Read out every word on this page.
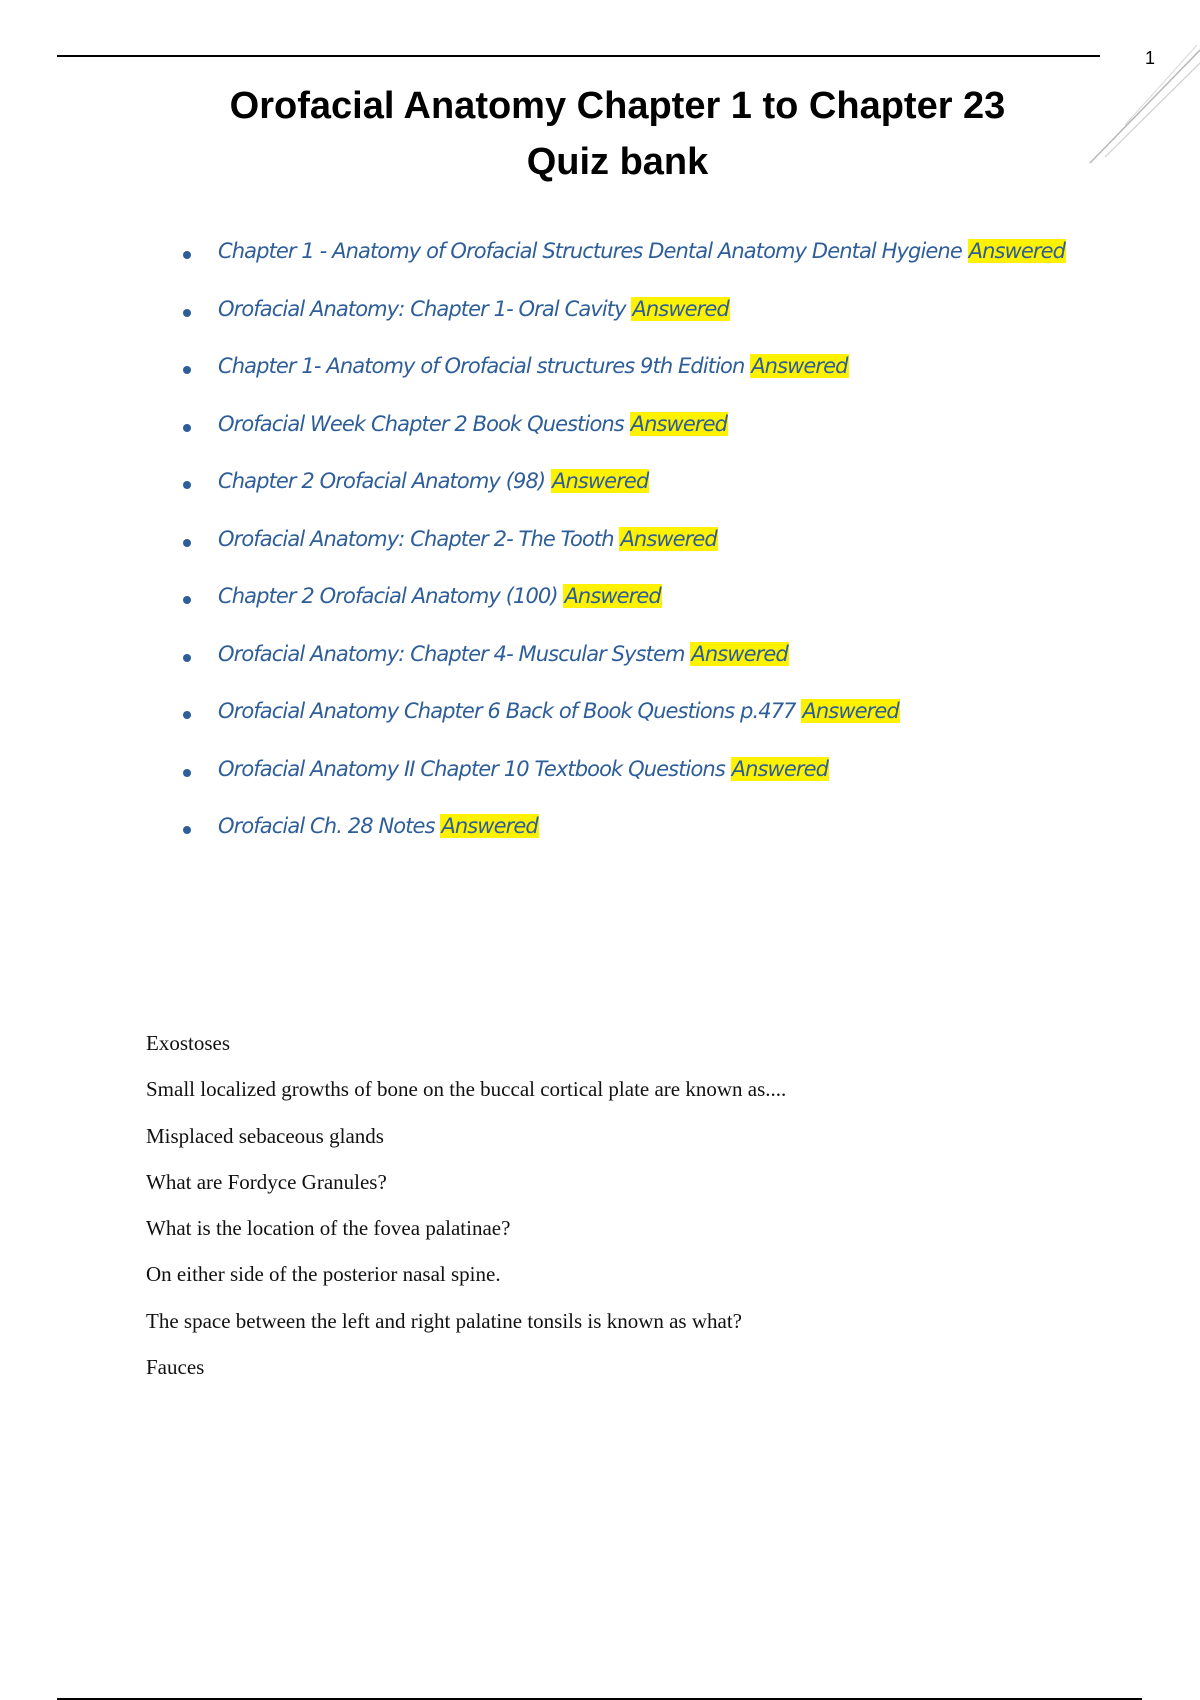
1
Orofacial Anatomy Chapter 1 to Chapter 23
Quiz bank
Chapter 1 - Anatomy of Orofacial Structures Dental Anatomy Dental Hygiene Answered
Orofacial Anatomy: Chapter 1- Oral Cavity Answered
Chapter 1- Anatomy of Orofacial structures 9th Edition Answered
Orofacial Week Chapter 2 Book Questions Answered
Chapter 2 Orofacial Anatomy (98) Answered
Orofacial Anatomy: Chapter 2- The Tooth Answered
Chapter 2 Orofacial Anatomy (100) Answered
Orofacial Anatomy: Chapter 4- Muscular System Answered
Orofacial Anatomy Chapter 6 Back of Book Questions p.477 Answered
Orofacial Anatomy II Chapter 10 Textbook Questions Answered
Orofacial Ch. 28 Notes Answered

Exostoses

Small localized growths of bone on the buccal cortical plate are known as....

Misplaced sebaceous glands

What are Fordyce Granules?

What is the location of the fovea palatinae?

On either side of the posterior nasal spine.

The space between the left and right palatine tonsils is known as what?

Fauces
